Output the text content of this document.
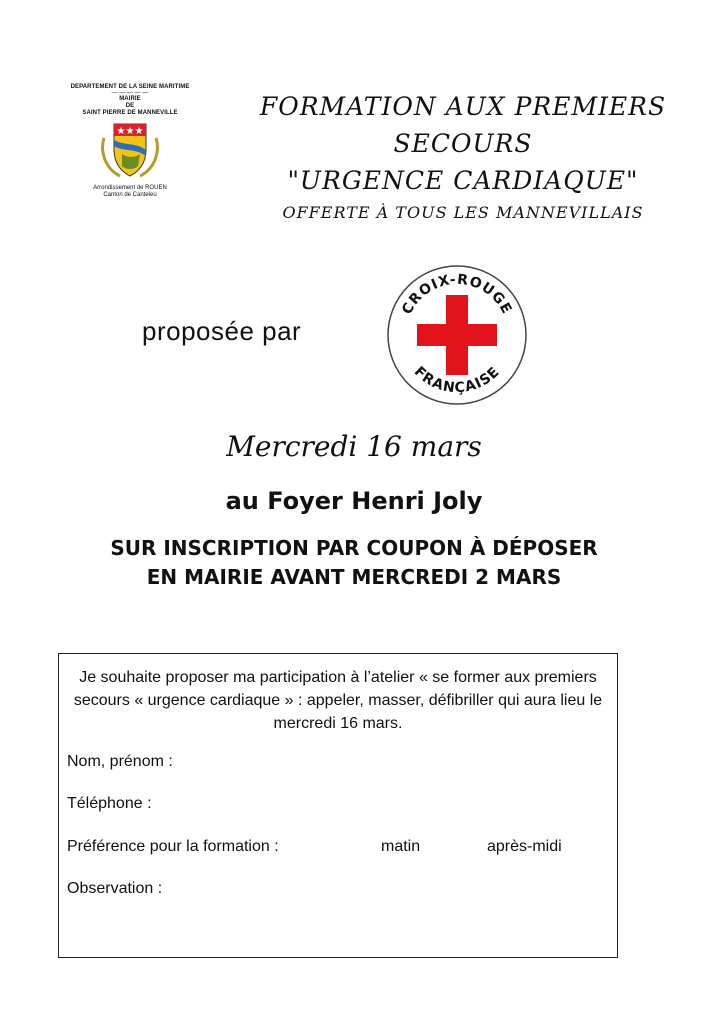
DEPARTEMENT DE LA SEINE MARITIME
— — — — —
MAIRIE
DE
SAINT PIERRE DE MANNEVILLE
★★★
Arrondissement de ROUEN
Canton de Canteleu
FORMATION AUX PREMIERS
SECOURS
"URGENCE CARDIAQUE"
OFFERTE À TOUS LES MANNEVILLAIS
proposée par
CROIX-ROUGE
FRANÇAISE
Mercredi 16 mars
au Foyer Henri Joly
SUR INSCRIPTION PAR COUPON À DÉPOSER
EN MAIRIE AVANT MERCREDI 2 MARS
Je souhaite proposer ma participation à l’atelier « se former aux premiers secours « urgence cardiaque » : appeler, masser, défibriller qui aura lieu le mercredi 16 mars.
Nom, prénom :
Téléphone :
Préférence pour la formation :	matin	après-midi
Observation :
